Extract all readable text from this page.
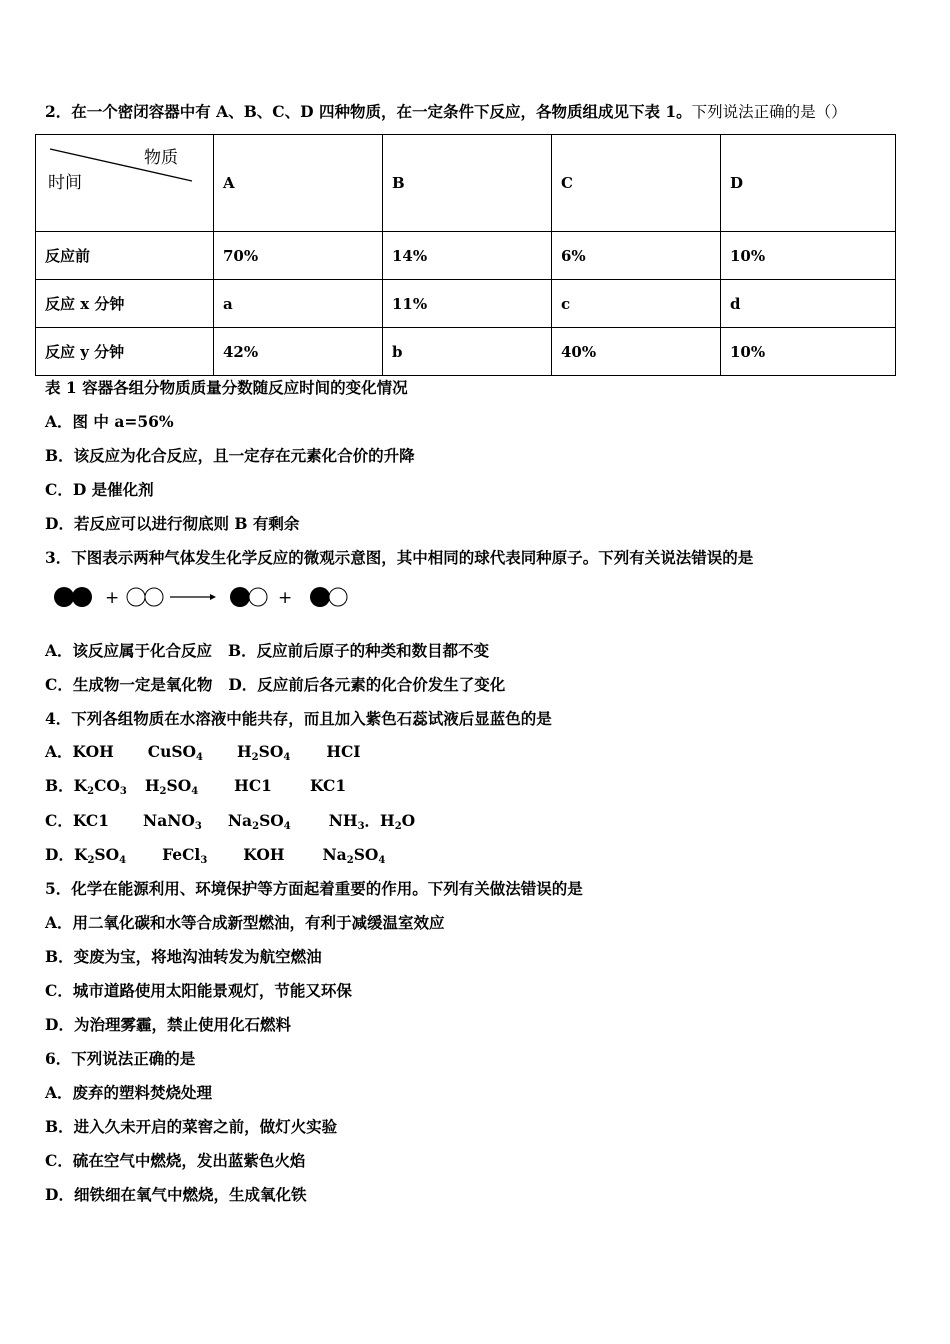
2．在一个密闭容器中有 A、B、C、D 四种物质，在一定条件下反应，各物质组成见下表 1。下列说法正确的是（）
物质
时间	A	B	C	D
反应前	70%	14%	6%	10%
反应 x 分钟	a	11%	c	d
反应 y 分钟	42%	b	40%	10%
表 1 容器各组分物质质量分数随反应时间的变化情况
A．图 中 a=56%
B．该反应为化合反应，且一定存在元素化合价的升降
C．D 是催化剂
D．若反应可以进行彻底则 B 有剩余
3．下图表示两种气体发生化学反应的微观示意图，其中相同的球代表同种原子。下列有关说法错误的是
+	+
A．该反应属于化合反应 B．反应前后原子的种类和数目都不变
C．生成物一定是氧化物 D．反应前后各元素的化合价发生了变化
4．下列各组物质在水溶液中能共存，而且加入紫色石蕊试液后显蓝色的是
A．KOH CuSO$_4$ $H_2SO_4$ HCI
B．$K_2CO_3$ $H_2SO_4$ HC1 KC1
C．KC1 NaNO$_3$ $Na_2SO_4$ $NH_3$．$H_2O$
D．$K_2SO_4$ FeCl$_3$ KOH $Na_2SO_4$
5．化学在能源利用、环境保护等方面起着重要的作用。下列有关做法错误的是
A．用二氧化碳和水等合成新型燃油，有利于减缓温室效应
B．变废为宝，将地沟油转发为航空燃油
C．城市道路使用太阳能景观灯，节能又环保
D．为治理雾霾，禁止使用化石燃料
6．下列说法正确的是
A．废弃的塑料焚烧处理
B．进入久未开启的菜窖之前，做灯火实验
C．硫在空气中燃烧，发出蓝紫色火焰
D．细铁细在氧气中燃烧，生成氧化铁
